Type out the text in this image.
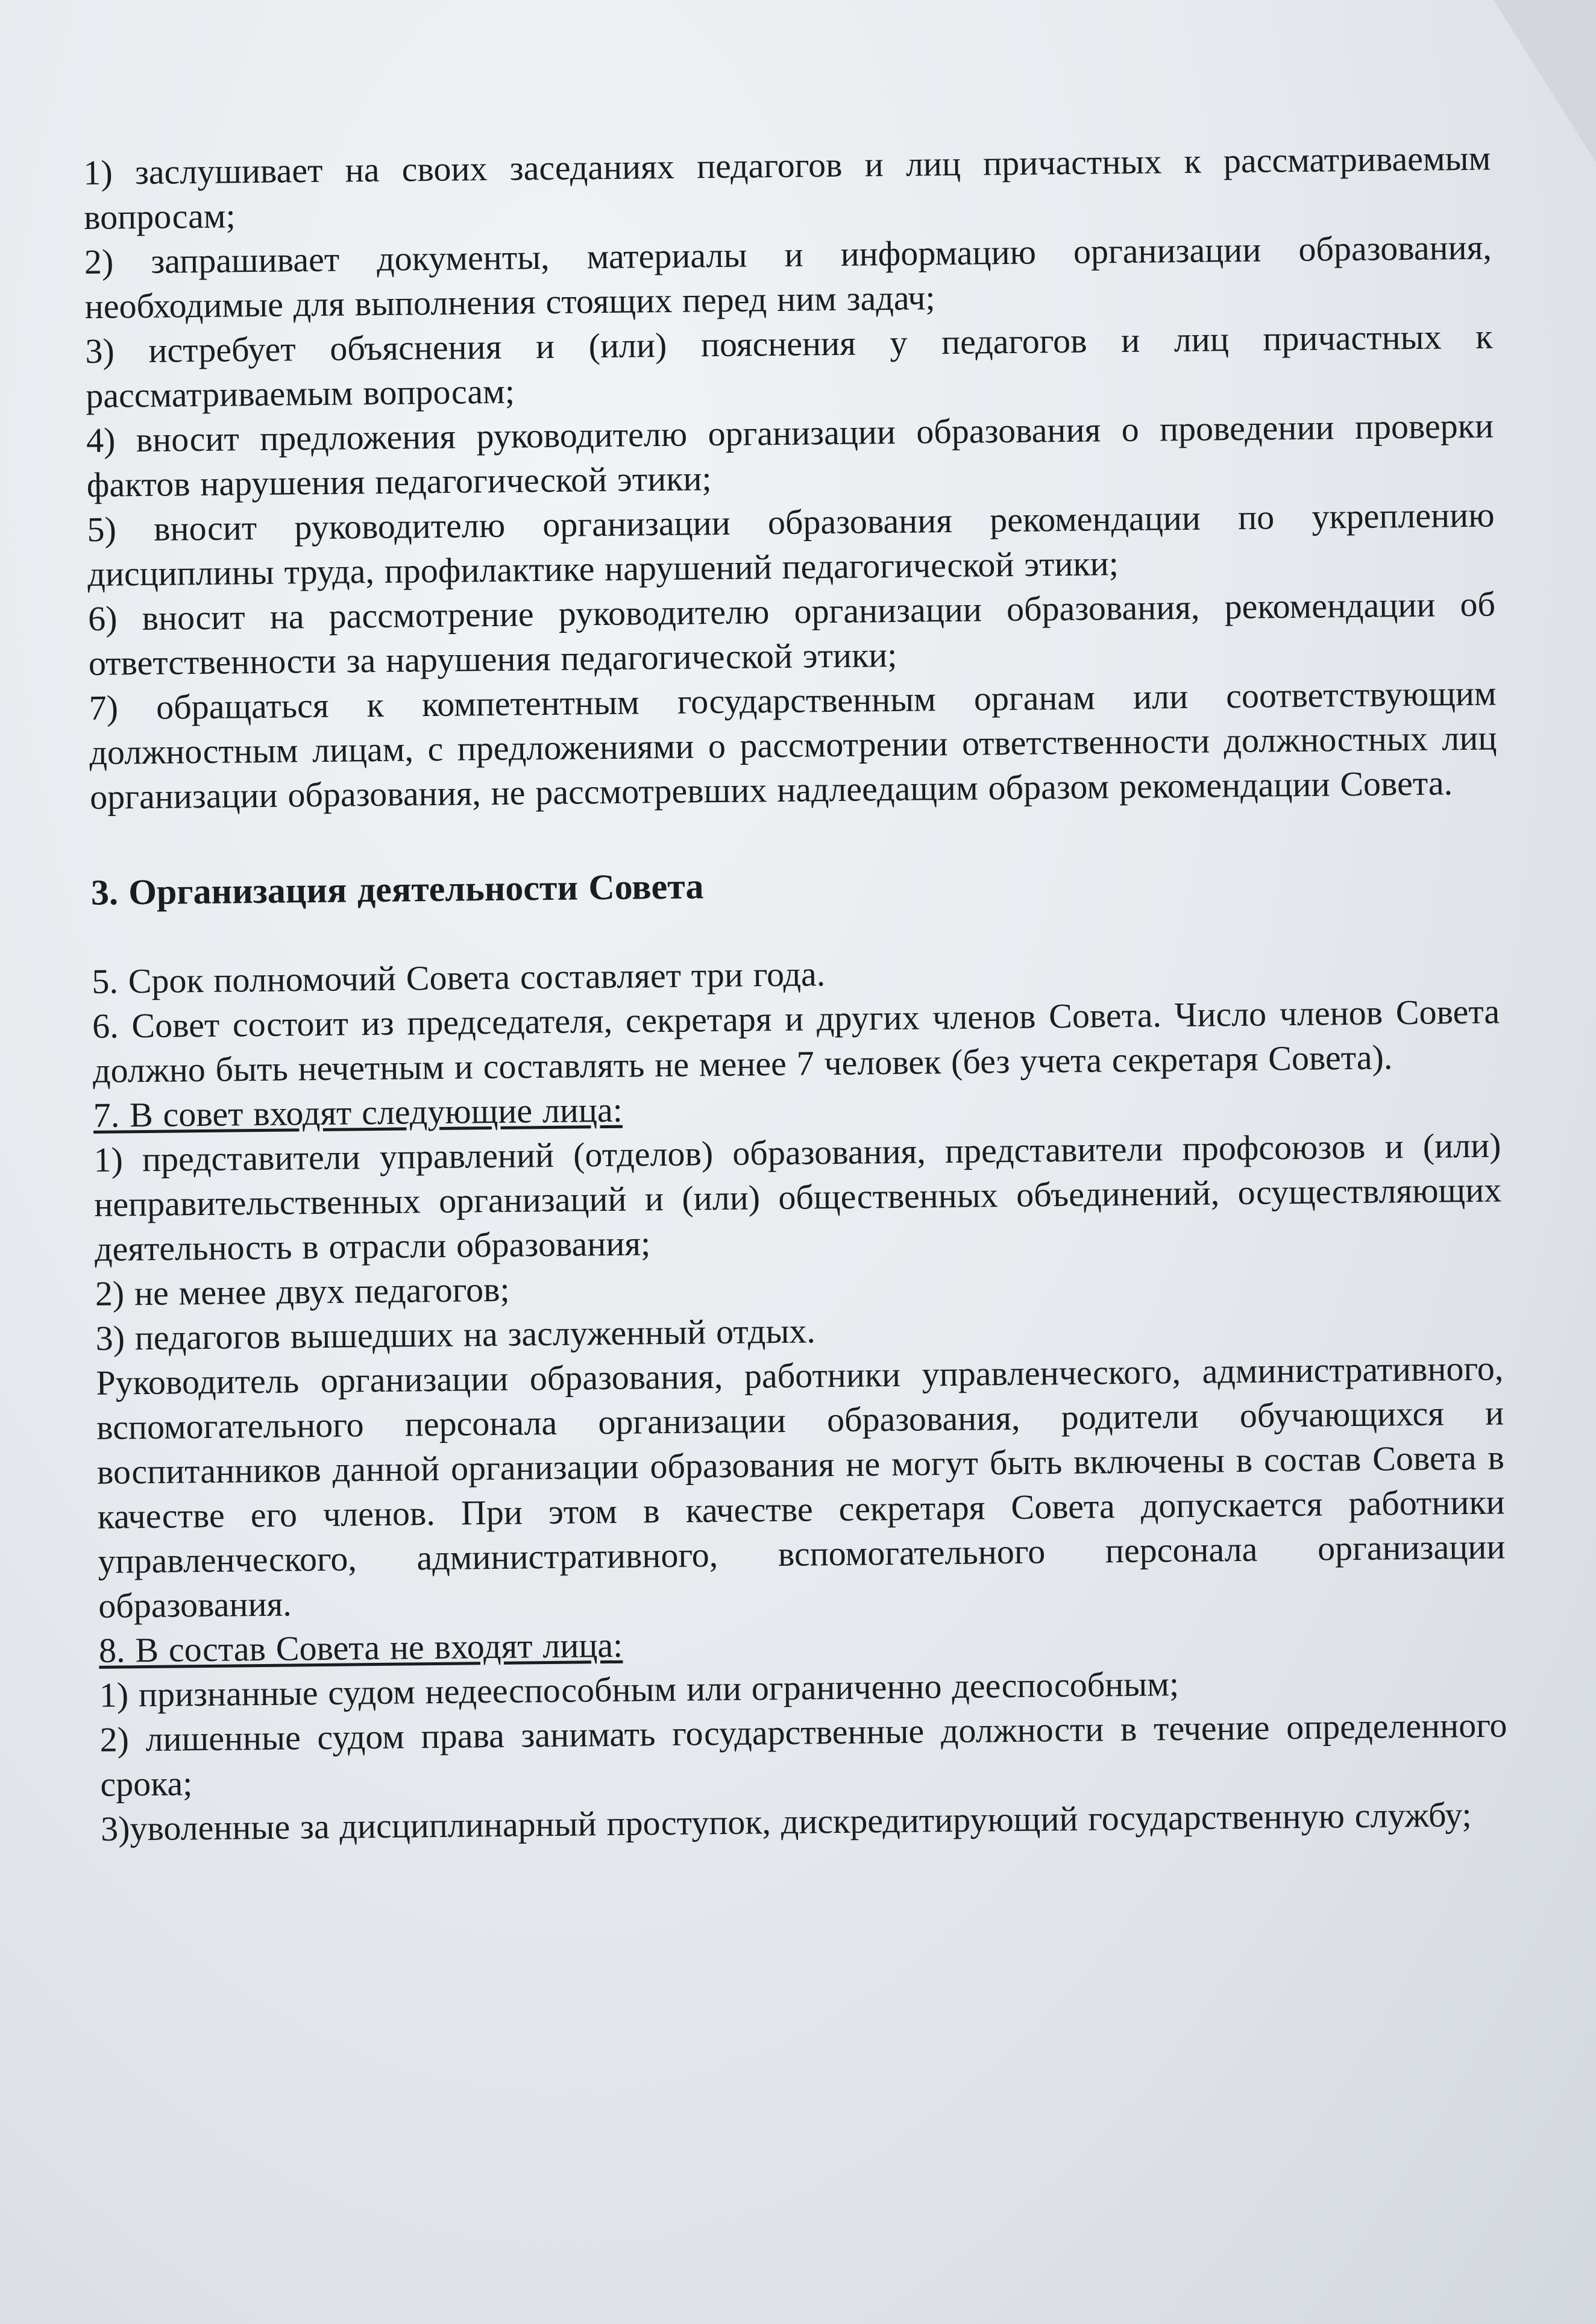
1) заслушивает на своих заседаниях педагогов и лиц причастных к рассматриваемым вопросам;

2) запрашивает документы, материалы и информацию организации образования, необходимые для выполнения стоящих перед ним задач;

3) истребует объяснения и (или) пояснения у педагогов и лиц причастных к рассматриваемым вопросам;

4) вносит предложения руководителю организации образования о проведении проверки фактов нарушения педагогической этики;

5) вносит руководителю организации образования рекомендации по укреплению дисциплины труда, профилактике нарушений педагогической этики;

6) вносит на рассмотрение руководителю организации образования, рекомендации об ответственности за нарушения педагогической этики;

7) обращаться к компетентным государственным органам или соответствующим должностным лицам, с предложениями о рассмотрении ответственности должностных лиц организации образования, не рассмотревших надлеедащим образом рекомендации Совета.

3. Организация деятельности Совета

5. Срок полномочий Совета составляет три года.

6. Совет состоит из председателя, секретаря и других членов Совета. Число членов Совета должно быть нечетным и составлять не менее 7 человек (без учета секретаря Совета).

7. В совет входят следующие лица:

1) представители управлений (отделов) образования, представители профсоюзов и (или) неправительственных организаций и (или) общественных объединений, осуществляющих деятельность в отрасли образования;

2) не менее двух педагогов;

3) педагогов вышедших на заслуженный отдых.

Руководитель организации образования, работники управленческого, административного, вспомогательного персонала организации образования, родители обучающихся и воспитанников данной организации образования не могут быть включены в состав Совета в качестве его членов. При этом в качестве секретаря Совета допускается работники управленческого, административного, вспомогательного персонала организации образования.

8. В состав Совета не входят лица:

1) признанные судом недееспособным или ограниченно дееспособным;

2) лишенные судом права занимать государственные должности в течение определенного срока;

3)уволенные за дисциплинарный проступок, дискредитирующий государственную службу;
